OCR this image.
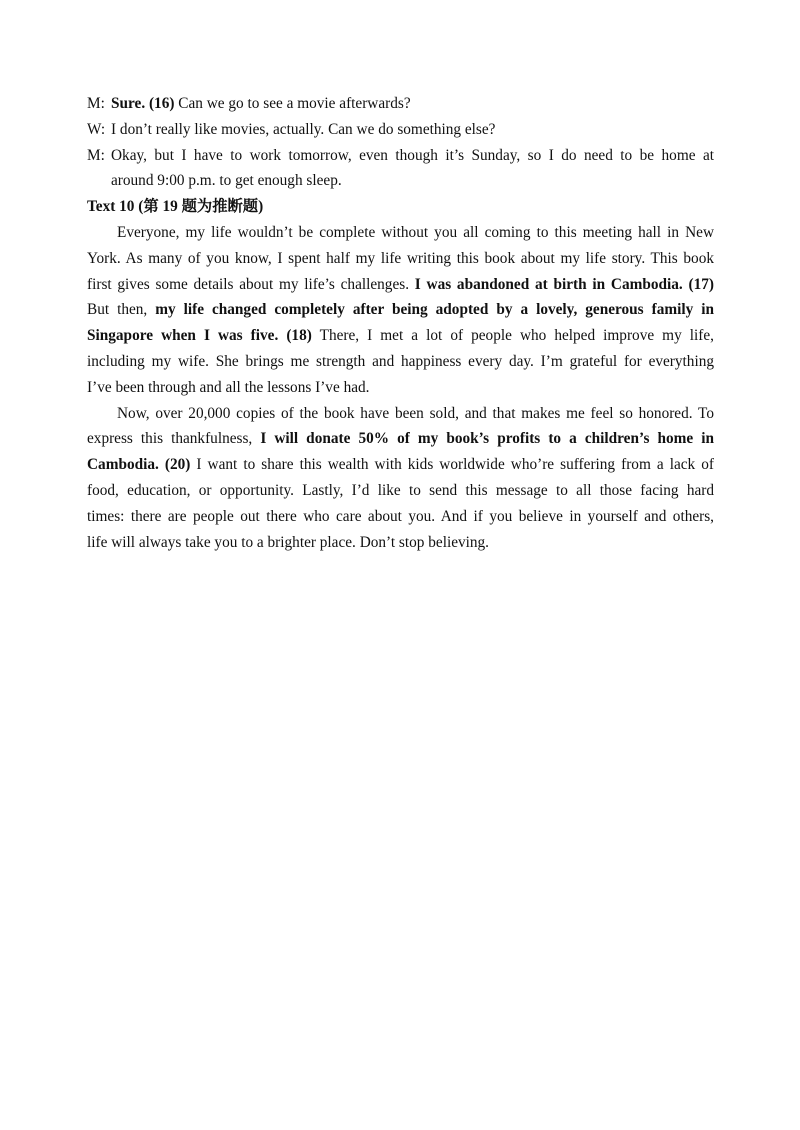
M: Sure. (16) Can we go to see a movie afterwards?
W: I don’t really like movies, actually. Can we do something else?
M: Okay, but I have to work tomorrow, even though it’s Sunday, so I do need to be home at
around 9:00 p.m. to get enough sleep.
Text 10 (第 19 题为推断题)
Everyone, my life wouldn’t be complete without you all coming to this meeting hall in New
York. As many of you know, I spent half my life writing this book about my life story. This book
first gives some details about my life’s challenges. I was abandoned at birth in Cambodia. (17)
But then, my life changed completely after being adopted by a lovely, generous family in
Singapore when I was five. (18) There, I met a lot of people who helped improve my life,
including my wife. She brings me strength and happiness every day. I’m grateful for everything
I’ve been through and all the lessons I’ve had.
Now, over 20,000 copies of the book have been sold, and that makes me feel so honored. To
express this thankfulness, I will donate 50% of my book’s profits to a children’s home in
Cambodia. (20) I want to share this wealth with kids worldwide who’re suffering from a lack of
food, education, or opportunity. Lastly, I’d like to send this message to all those facing hard
times: there are people out there who care about you. And if you believe in yourself and others,
life will always take you to a brighter place. Don’t stop believing.
